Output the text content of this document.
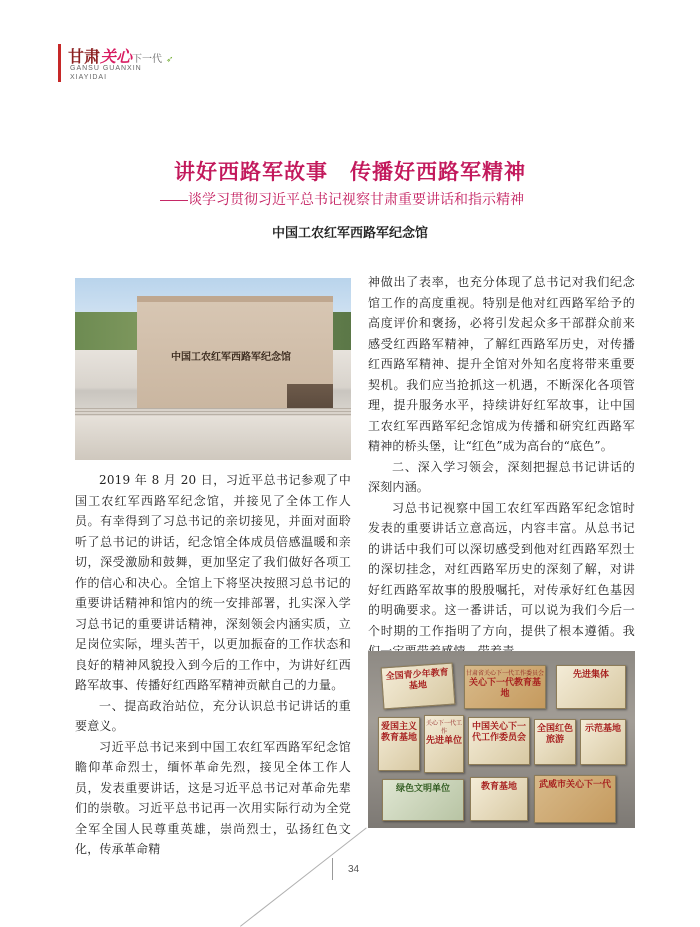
甘肃关心下一代 ➶
GANSU GUANXIN
XIAYIDAI
讲好西路军故事　传播好西路军精神
——谈学习贯彻习近平总书记视察甘肃重要讲话和指示精神
中国工农红军西路军纪念馆
中国工农红军西路军纪念馆

2019 年 8 月 20 日，习近平总书记参观了中国工农红军西路军纪念馆，并接见了全体工作人员。有幸得到了习总书记的亲切接见，并面对面聆听了总书记的讲话，纪念馆全体成员倍感温暖和亲切，深受激励和鼓舞，更加坚定了我们做好各项工作的信心和决心。全馆上下将坚决按照习总书记的重要讲话精神和馆内的统一安排部署，扎实深入学习总书记的重要讲话精神，深刻领会内涵实质，立足岗位实际，埋头苦干，以更加振奋的工作状态和良好的精神风貌投入到今后的工作中，为讲好红西路军故事、传播好红西路军精神贡献自己的力量。

一、提高政治站位，充分认识总书记讲话的重要意义。

习近平总书记来到中国工农红军西路军纪念馆瞻仰革命烈士，缅怀革命先烈，接见全体工作人员，发表重要讲话，这是习近平总书记对革命先辈们的崇敬。习近平总书记再一次用实际行动为全党全军全国人民尊重英雄，崇尚烈士，弘扬红色文化，传承革命精

神做出了表率，也充分体现了总书记对我们纪念馆工作的高度重视。特别是他对红西路军给予的高度评价和褒扬，必将引发起众多干部群众前来感受红西路军精神，了解红西路军历史，对传播红西路军精神、提升全馆对外知名度将带来重要契机。我们应当抢抓这一机遇，不断深化各项管理，提升服务水平，持续讲好红军故事，让中国工农红军西路军纪念馆成为传播和研究红西路军精神的桥头堡，让“红色”成为高台的“底色”。

二、深入学习领会，深刻把握总书记讲话的深刻内涵。

习总书记视察中国工农红军西路军纪念馆时发表的重要讲话立意高远，内容丰富。从总书记的讲话中我们可以深切感受到他对红西路军烈士的深切挂念，对红西路军历史的深刻了解，对讲好红西路军故事的殷殷嘱托，对传承好红色基因的明确要求。这一番讲话，可以说为我们今后一个时期的工作指明了方向，提供了根本遵循。我

全国青少年教育基地
甘肃省关心下一代工作委员会
关心下一代教育基地
先进集体
爱国主义教育基地
关心下一代工作
先进单位
中国关心下一代工作委员会
全国红色旅游
示范基地
绿色文明单位	教育基地	武威市关心下一代
34
